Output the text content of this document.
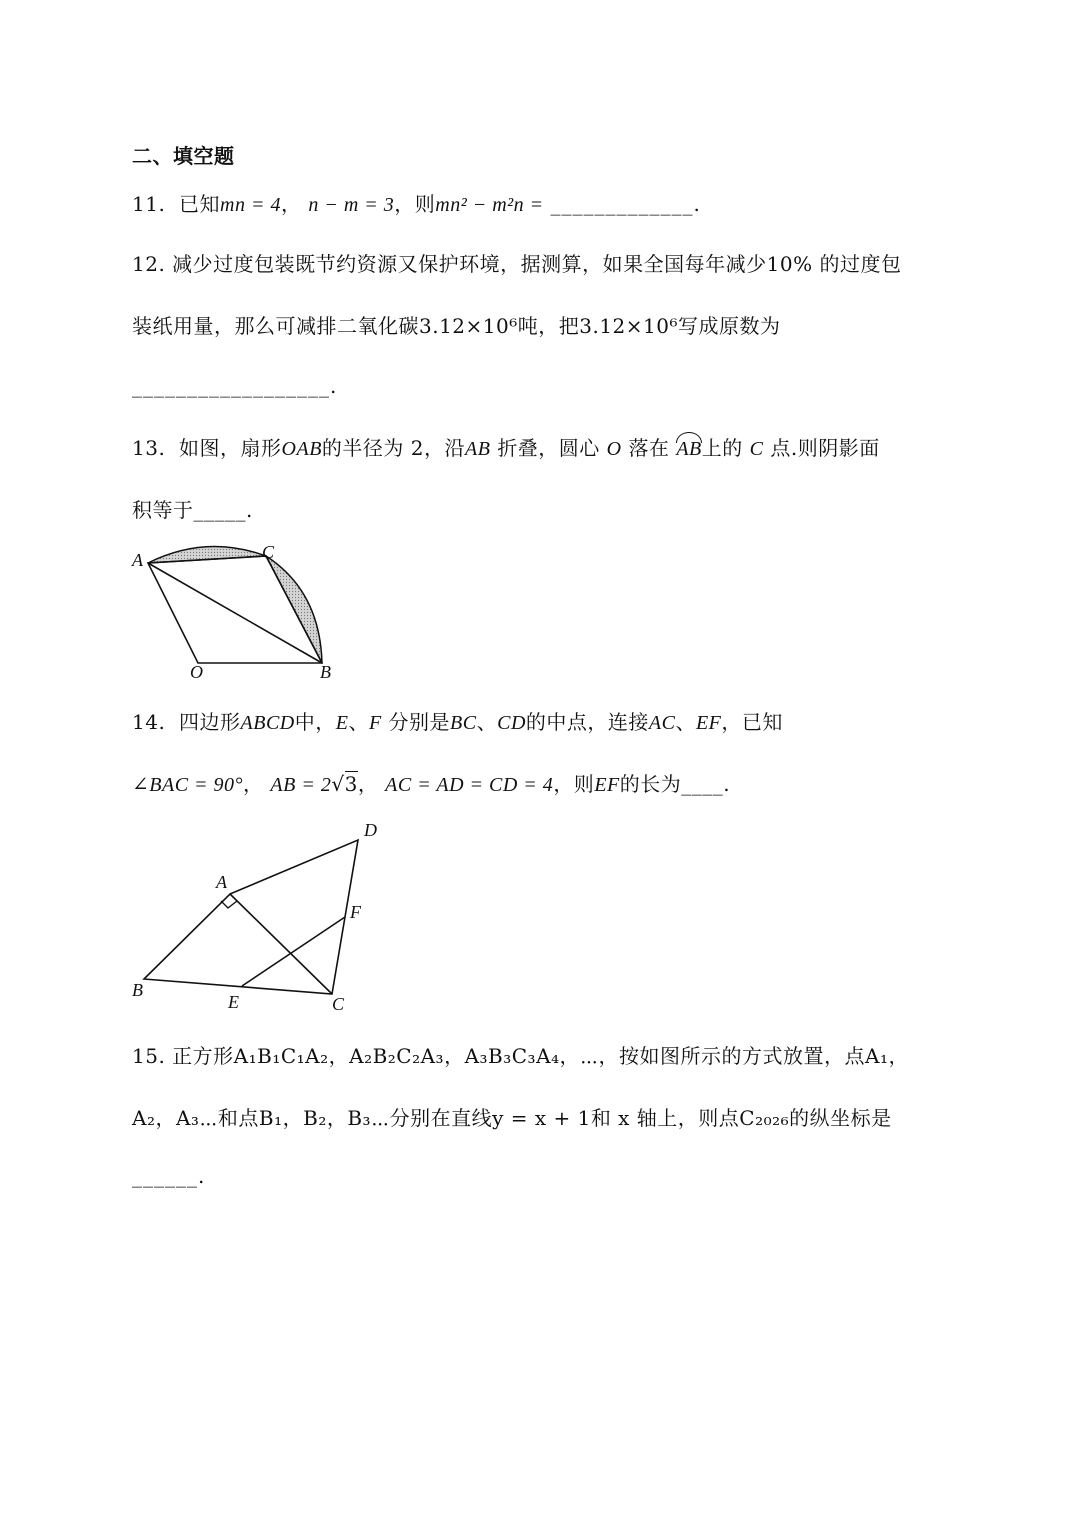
二、填空题
11. 已知mn = 4， n − m = 3，则mn² − m²n = _____________.
12. 减少过度包装既节约资源又保护环境，据测算，如果全国每年减少10% 的过度包
装纸用量，那么可减排二氧化碳3.12×10⁶吨，把3.12×10⁶写成原数为
__________________.
13. 如图，扇形OAB的半径为 2，沿AB 折叠，圆心 O 落在 AB上的 C 点.则阴影面
积等于_____.
A	C
O	B
14. 四边形ABCD中，E、F 分别是BC、CD的中点，连接AC、EF，已知
∠BAC = 90°， AB = 2√3， AC = AD = CD = 4，则EF的长为____.
A
D
F
B
E	C
15. 正方形A₁B₁C₁A₂，A₂B₂C₂A₃，A₃B₃C₃A₄，⋯，按如图所示的方式放置，点A₁，
A₂，A₃⋯和点B₁，B₂，B₃⋯分别在直线y = x + 1和 x 轴上，则点C₂₀₂₆的纵坐标是
______.
